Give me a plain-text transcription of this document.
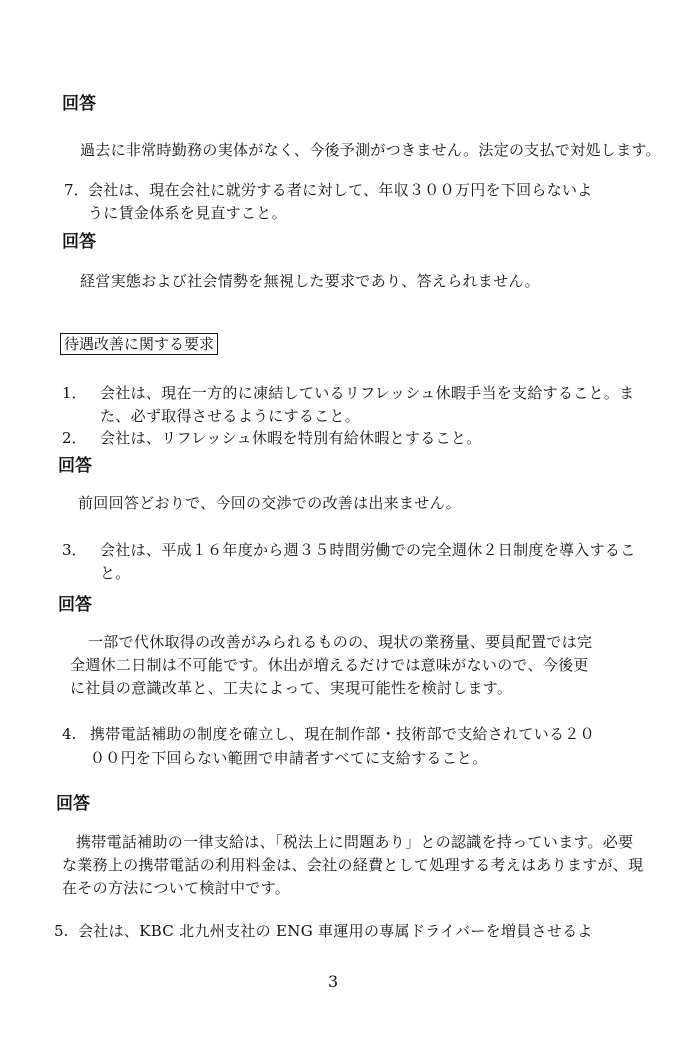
回答
過去に非常時勤務の実体がなく、今後予測がつきません。法定の支払で対処します。
7． 会社は、現在会社に就労する者に対して、年収３００万円を下回らないよ
うに賃金体系を見直すこと。
回答
経営実態および社会情勢を無視した要求であり、答えられません。
待遇改善に関する要求
1． 会社は、現在一方的に凍結しているリフレッシュ休暇手当を支給すること。ま
た、必ず取得させるようにすること。
2． 会社は、リフレッシュ休暇を特別有給休暇とすること。
回答
前回回答どおりで、今回の交渉での改善は出来ません。
3． 会社は、平成１６年度から週３５時間労働での完全週休２日制度を導入するこ
と。
回答
一部で代休取得の改善がみられるものの、現状の業務量、要員配置では完
全週休二日制は不可能です。休出が増えるだけでは意味がないので、今後更
に社員の意識改革と、工夫によって、実現可能性を検討します。
4. 携帯電話補助の制度を確立し、現在制作部・技術部で支給されている２０
００円を下回らない範囲で申請者すべてに支給すること。
回答
携帯電話補助の一律支給は、「税法上に問題あり」との認識を持っています。必要
な業務上の携帯電話の利用料金は、会社の経費として処理する考えはありますが、現
在その方法について検討中です。
5. 会社は、KBC 北九州支社の ENG 車運用の専属ドライバーを増員させるよ
3
